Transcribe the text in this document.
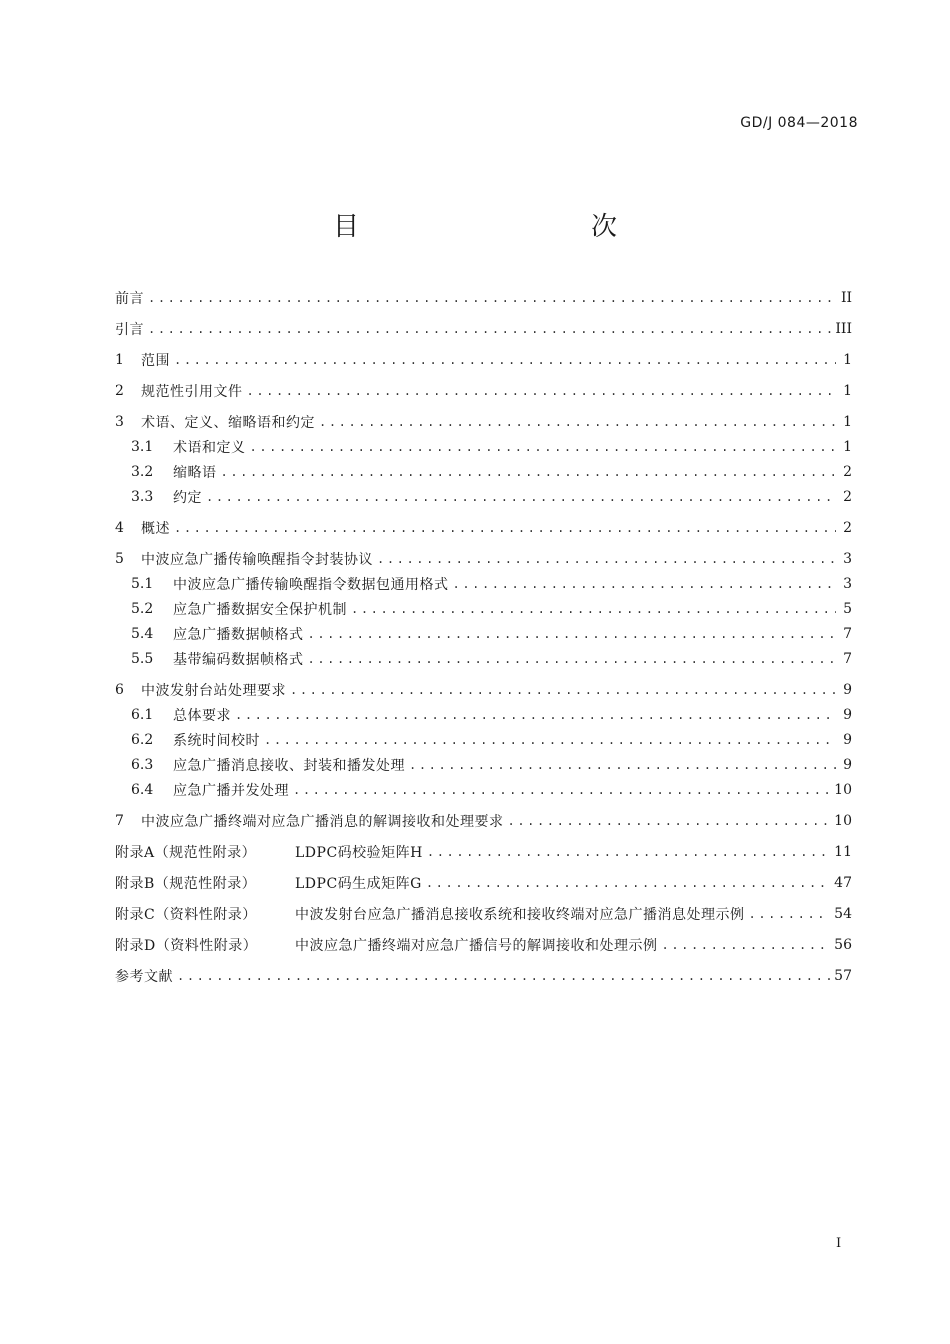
GD/J 084—2018
目　　次
前言 .....	II
引言 .....	III
1	范围 .....	1
2	规范性引用文件 .....	1
3	术语、定义、缩略语和约定 .....	1
3.1	术语和定义 .....	1
3.2	缩略语 .....	2
3.3	约定 .....	2
4	概述 .....	2
5	中波应急广播传输唤醒指令封装协议 .....	3
5.1	中波应急广播传输唤醒指令数据包通用格式 .....	3
5.2	应急广播数据安全保护机制 .....	5
5.4	应急广播数据帧格式 .....	7
5.5	基带编码数据帧格式 .....	7
6	中波发射台站处理要求 .....	9
6.1	总体要求 .....	9
6.2	系统时间校时 .....	9
6.3	应急广播消息接收、封装和播发处理 .....	9
6.4	应急广播并发处理 .....	10
7	中波应急广播终端对应急广播消息的解调接收和处理要求 .....	10
附录A（规范性附录）	LDPC码校验矩阵H .....	11
附录B（规范性附录）	LDPC码生成矩阵G .....	47
附录C（资料性附录）	中波发射台应急广播消息接收系统和接收终端对应急广播消息处理示例 .....	54
附录D（资料性附录）	中波应急广播终端对应急广播信号的解调接收和处理示例 .....	56
参考文献 .....	57
I
